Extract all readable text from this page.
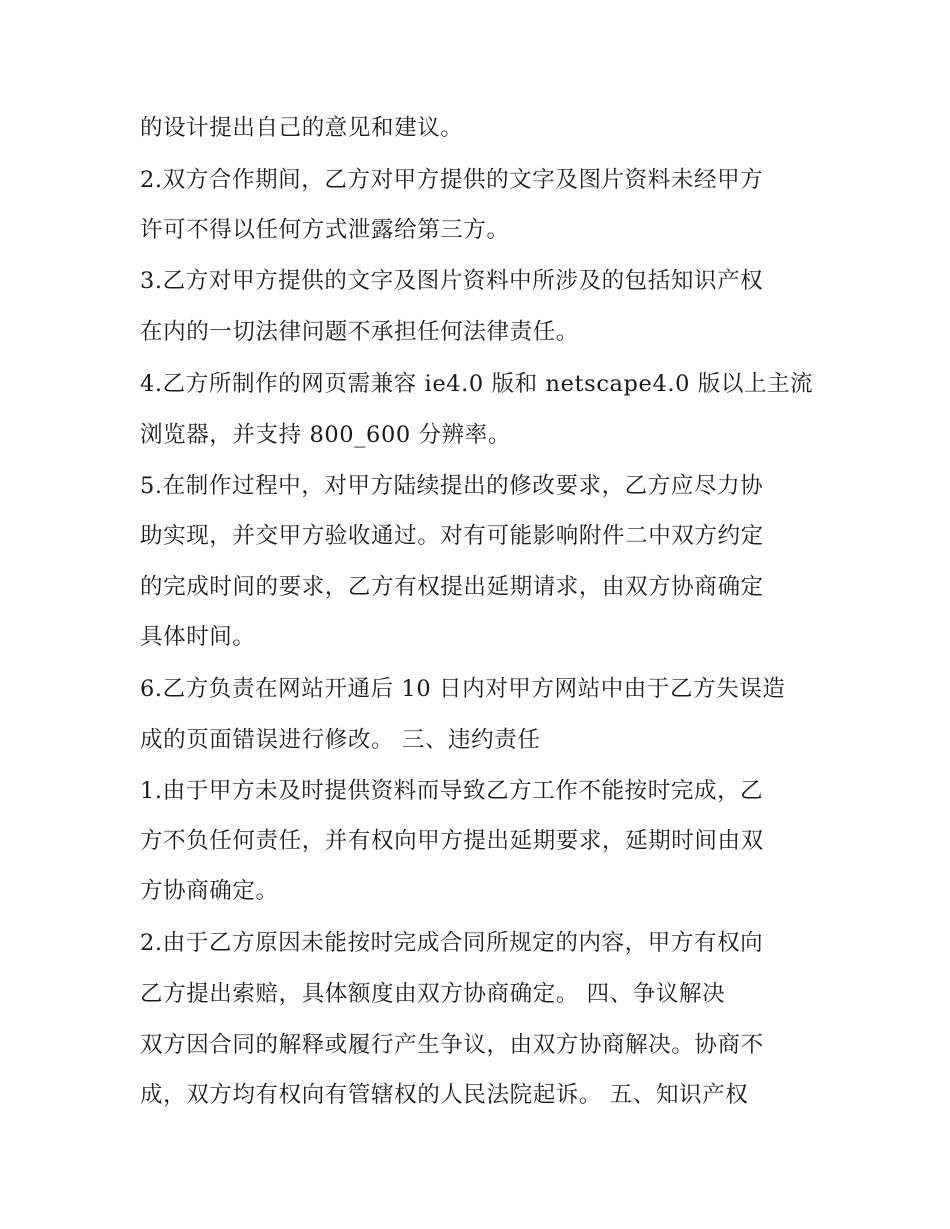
的设计提出自己的意见和建议。

2.双方合作期间，乙方对甲方提供的文字及图片资料未经甲方

许可不得以任何方式泄露给第三方。

3.乙方对甲方提供的文字及图片资料中所涉及的包括知识产权

在内的一切法律问题不承担任何法律责任。

4.乙方所制作的网页需兼容 ie4.0 版和 netscape4.0 版以上主流

浏览器，并支持 800_600 分辨率。

5.在制作过程中，对甲方陆续提出的修改要求，乙方应尽力协

助实现，并交甲方验收通过。对有可能影响附件二中双方约定

的完成时间的要求，乙方有权提出延期请求，由双方协商确定

具体时间。

6.乙方负责在网站开通后 10 日内对甲方网站中由于乙方失误造

成的页面错误进行修改。 三、违约责任

1.由于甲方未及时提供资料而导致乙方工作不能按时完成，乙

方不负任何责任，并有权向甲方提出延期要求，延期时间由双

方协商确定。

2.由于乙方原因未能按时完成合同所规定的内容，甲方有权向

乙方提出索赔，具体额度由双方协商确定。 四、争议解决

双方因合同的解释或履行产生争议，由双方协商解决。协商不

成，双方均有权向有管辖权的人民法院起诉。 五、知识产权
